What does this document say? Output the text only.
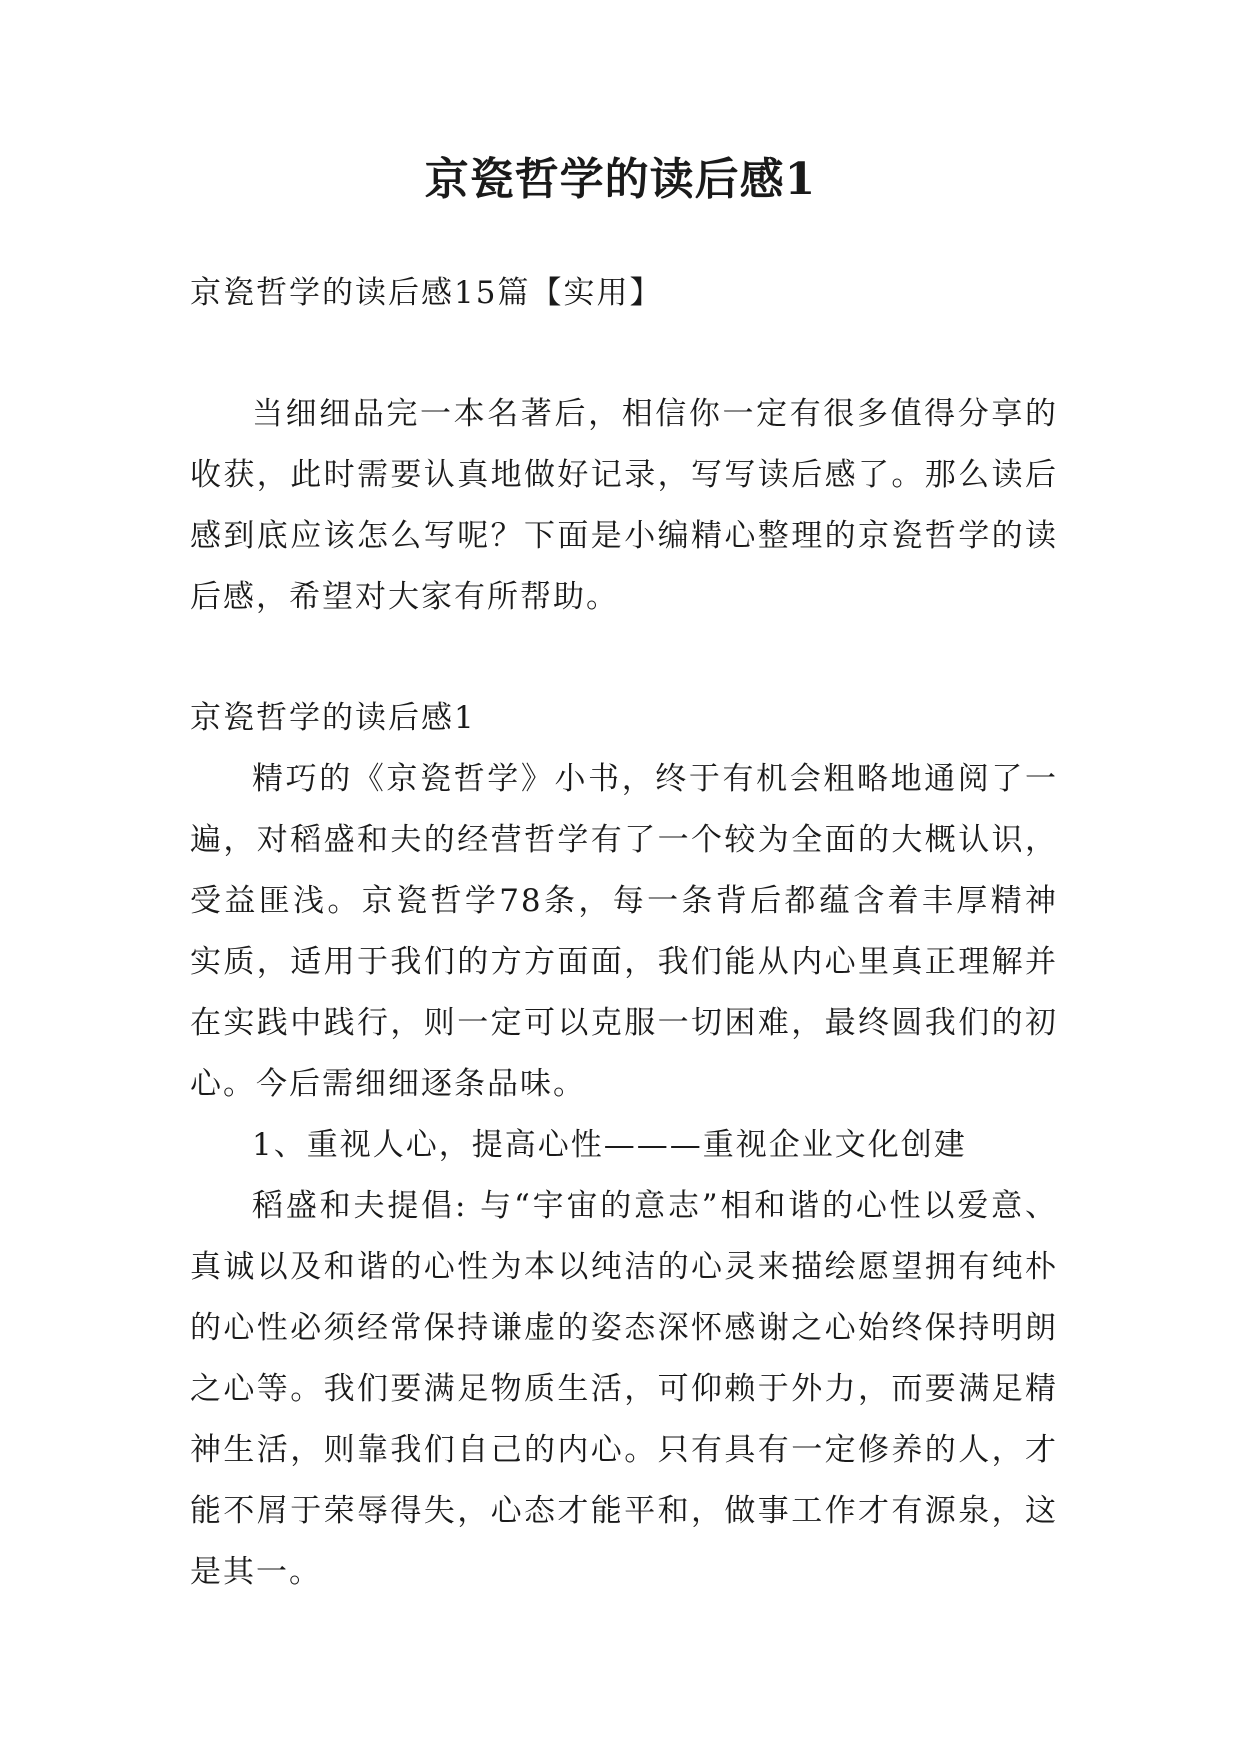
京瓷哲学的读后感1

京瓷哲学的读后感15篇【实用】

当细细品完一本名著后，相信你一定有很多值得分享的收获，此时需要认真地做好记录，写写读后感了。那么读后感到底应该怎么写呢？下面是小编精心整理的京瓷哲学的读后感，希望对大家有所帮助。

京瓷哲学的读后感1

精巧的《京瓷哲学》小书，终于有机会粗略地通阅了一遍，对稻盛和夫的经营哲学有了一个较为全面的大概认识，受益匪浅。京瓷哲学78条，每一条背后都蕴含着丰厚精神实质，适用于我们的方方面面，我们能从内心里真正理解并在实践中践行，则一定可以克服一切困难，最终圆我们的初心。今后需细细逐条品味。

1、重视人心，提高心性———重视企业文化创建

稻盛和夫提倡: 与“宇宙的意志”相和谐的心性以爱意、真诚以及和谐的心性为本以纯洁的心灵来描绘愿望拥有纯朴的心性必须经常保持谦虚的姿态深怀感谢之心始终保持明朗之心等。我们要满足物质生活，可仰赖于外力，而要满足精神生活，则靠我们自己的内心。只有具有一定修养的人，才能不屑于荣辱得失，心态才能平和，做事工作才有源泉，这是其一。
